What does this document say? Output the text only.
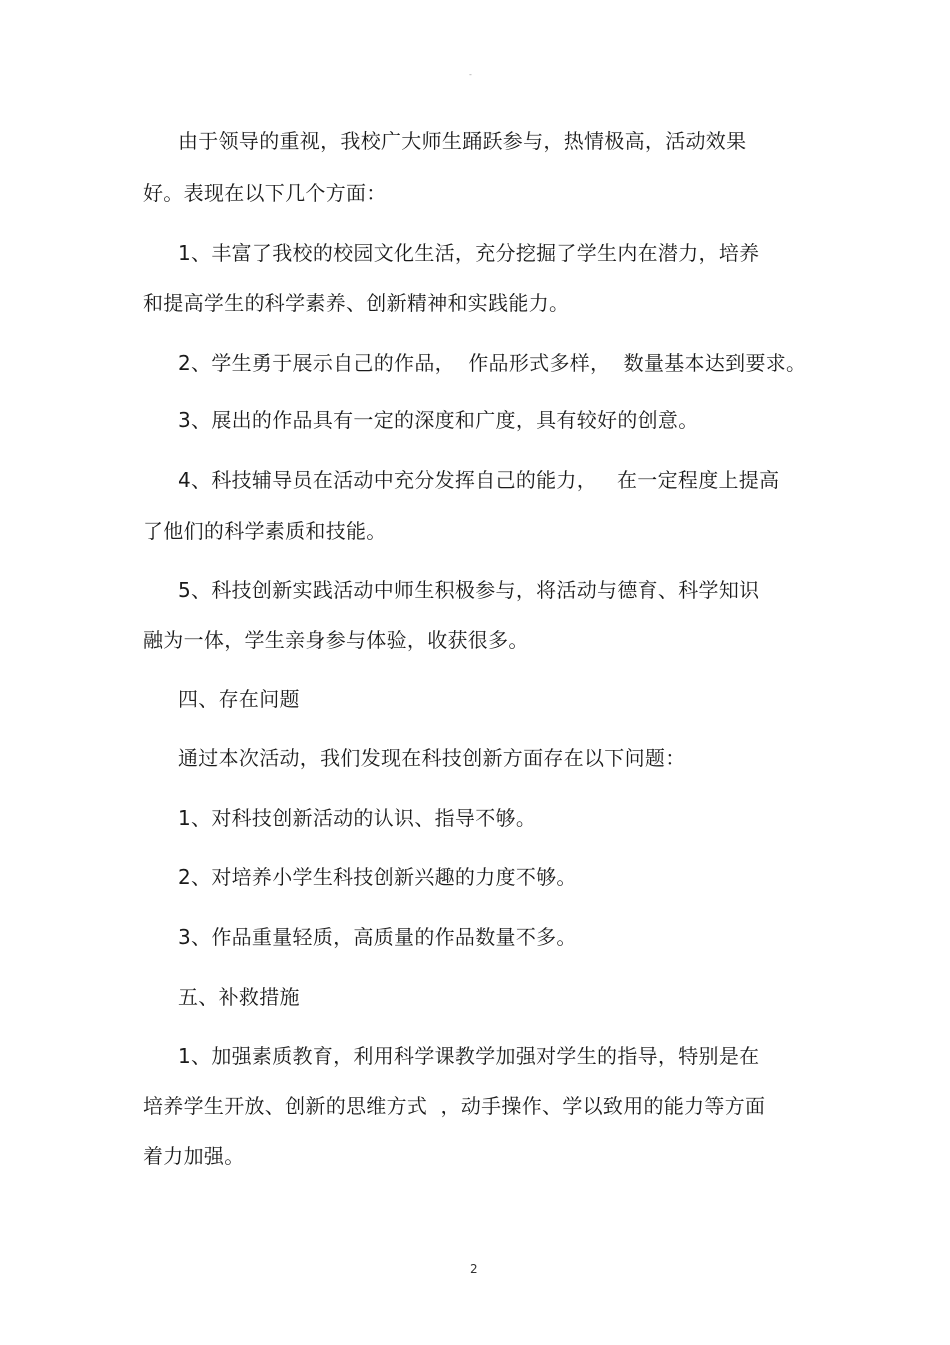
-
由于领导的重视，我校广大师生踊跃参与，热情极高，活动效果
好。表现在以下几个方面：
1、丰富了我校的校园文化生活，充分挖掘了学生内在潜力，培养
和提高学生的科学素养、创新精神和实践能力。
2、学生勇于展示自己的作品，  作品形式多样，  数量基本达到要求。
3、展出的作品具有一定的深度和广度，具有较好的创意。
4、科技辅导员在活动中充分发挥自己的能力，   在一定程度上提高
了他们的科学素质和技能。
5、科技创新实践活动中师生积极参与，将活动与德育、科学知识
融为一体，学生亲身参与体验，收获很多。
四、存在问题
通过本次活动，我们发现在科技创新方面存在以下问题：
1、对科技创新活动的认识、指导不够。
2、对培养小学生科技创新兴趣的力度不够。
3、作品重量轻质，高质量的作品数量不多。
五、补救措施
1、加强素质教育，利用科学课教学加强对学生的指导，特别是在
培养学生开放、创新的思维方式  ，动手操作、学以致用的能力等方面
着力加强。
2
